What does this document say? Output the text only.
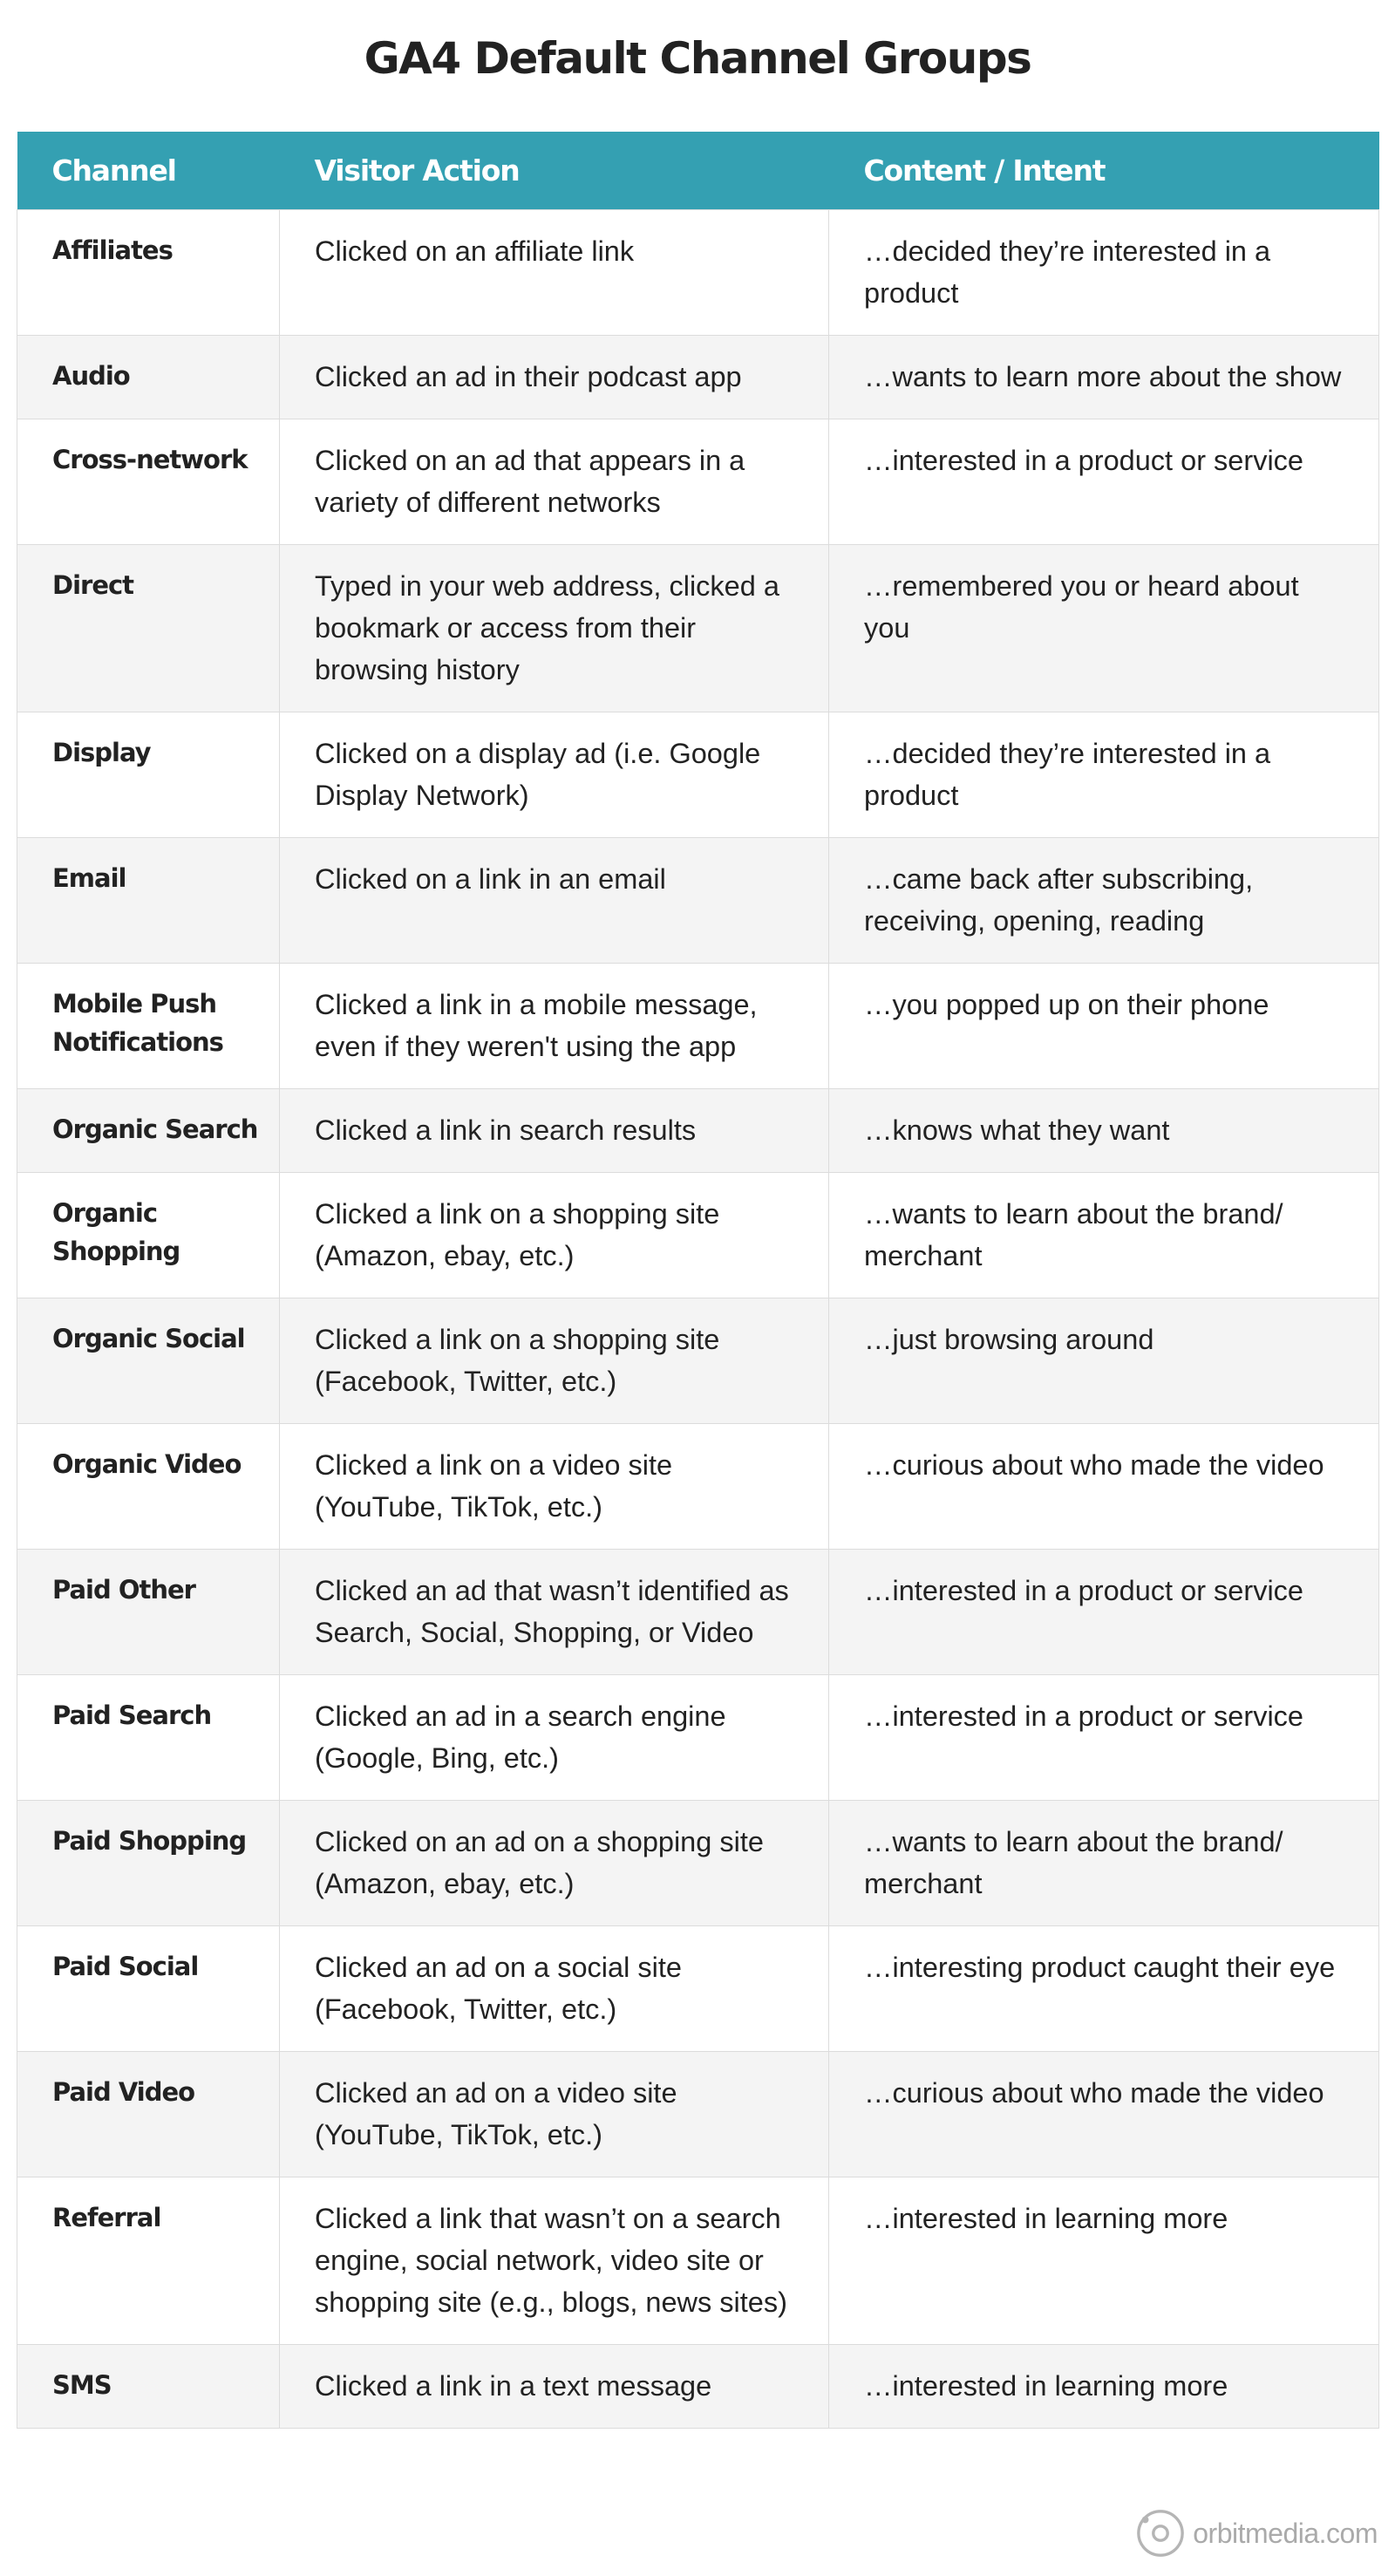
GA4 Default Channel Groups
Channel	Visitor Action	Content / Intent
Affiliates	Clicked on an affiliate link	…decided they’re interested in a product
Audio	Clicked an ad in their podcast app	…wants to learn more about the show
Cross-network	Clicked on an ad that appears in a variety of different networks	…interested in a product or service
Direct	Typed in your web address, clicked a bookmark or access from their browsing history	…remembered you or heard about you
Display	Clicked on a display ad (i.e. Google Display Network)	…decided they’re interested in a product
Email	Clicked on a link in an email	…came back after subscribing, receiving, opening, reading
Mobile Push Notifications	Clicked a link in a mobile message, even if they weren't using the app	…you popped up on their phone
Organic Search	Clicked a link in search results	…knows what they want
Organic Shopping	Clicked a link on a shopping site (Amazon, ebay, etc.)	…wants to learn about the brand/ merchant
Organic Social	Clicked a link on a shopping site (Facebook, Twitter, etc.)	…just browsing around
Organic Video	Clicked a link on a video site (YouTube, TikTok, etc.)	…curious about who made the video
Paid Other	Clicked an ad that wasn’t identified as Search, Social, Shopping, or Video	…interested in a product or service
Paid Search	Clicked an ad in a search engine (Google, Bing, etc.)	…interested in a product or service
Paid Shopping	Clicked on an ad on a shopping site (Amazon, ebay, etc.)	…wants to learn about the brand/ merchant
Paid Social	Clicked an ad on a social site (Facebook, Twitter, etc.)	…interesting product caught their eye
Paid Video	Clicked an ad on a video site (YouTube, TikTok, etc.)	…curious about who made the video
Referral	Clicked a link that wasn’t on a search engine, social network, video site or shopping site (e.g., blogs, news sites)	…interested in learning more
SMS	Clicked a link in a text message	…interested in learning more
orbitmedia.com
